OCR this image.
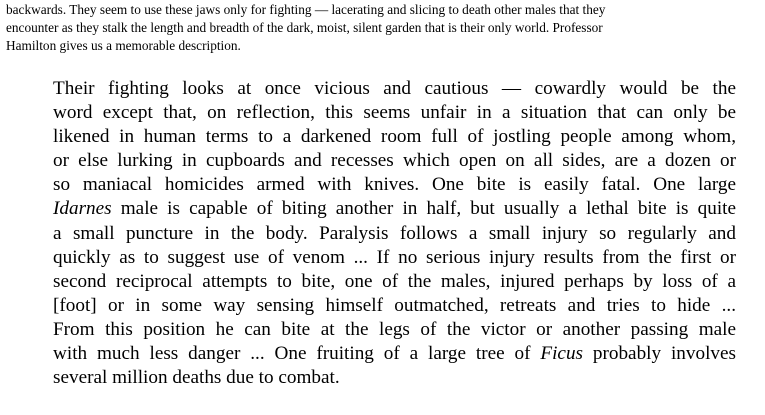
backwards. They seem to use these jaws only for fighting — lacerating and slicing to death other males that they
encounter as they stalk the length and breadth of the dark, moist, silent garden that is their only world. Professor
Hamilton gives us a memorable description.

Their fighting looks at once vicious and cautious — cowardly would be the
word except that, on reflection, this seems unfair in a situation that can only be
likened in human terms to a darkened room full of jostling people among whom,
or else lurking in cupboards and recesses which open on all sides, are a dozen or
so maniacal homicides armed with knives. One bite is easily fatal. One large
Idarnes male is capable of biting another in half, but usually a lethal bite is quite
a small puncture in the body. Paralysis follows a small injury so regularly and
quickly as to suggest use of venom ... If no serious injury results from the first or
second reciprocal attempts to bite, one of the males, injured perhaps by loss of a
[foot] or in some way sensing himself outmatched, retreats and tries to hide ...
From this position he can bite at the legs of the victor or another passing male
with much less danger ... One fruiting of a large tree of Ficus probably involves
several million deaths due to combat.
